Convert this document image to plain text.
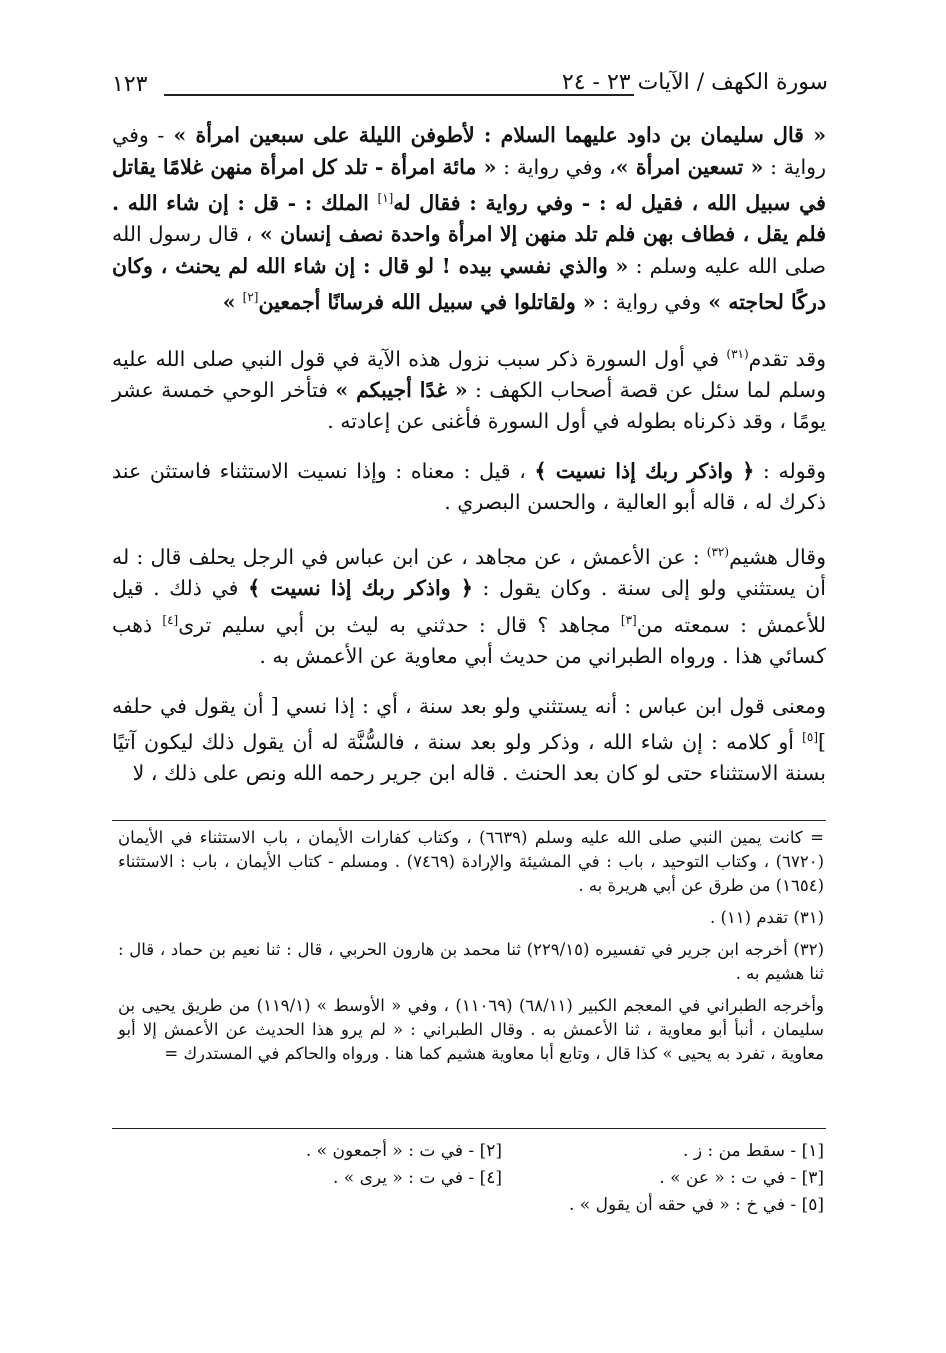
سورة الكهف / الآيات ٢٣ - ٢٤
١٢٣

« قال سليمان بن داود عليهما السلام : لأطوفن الليلة على سبعين امرأة » - وفي رواية : « تسعين امرأة »، وفي رواية : « مائة امرأة - تلد كل امرأة منهن غلامًا يقاتل في سبيل الله ، فقيل له : - وفي رواية : فقال له[١] الملك : - قل : إن شاء الله . فلم يقل ، فطاف بهن فلم تلد منهن إلا امرأة واحدة نصف إنسان » ، قال رسول الله صلى الله عليه وسلم : « والذي نفسي بيده ! لو قال : إن شاء الله لم يحنث ، وكان دركًا لحاجته » وفي رواية : « ولقاتلوا في سبيل الله فرسانًا أجمعين[٢] »

وقد تقدم$^{(٣١)}$ في أول السورة ذكر سبب نزول هذه الآية في قول النبي صلى الله عليه وسلم لما سئل عن قصة أصحاب الكهف : « غدًا أجيبكم » فتأخر الوحي خمسة عشر يومًا ، وقد ذكرناه بطوله في أول السورة فأغنى عن إعادته .

وقوله : ﴿ واذكر ربك إذا نسيت ﴾ ، قيل : معناه : وإذا نسيت الاستثناء فاستثن عند ذكرك له ، قاله أبو العالية ، والحسن البصري .

وقال هشيم$^{(٣٢)}$ : عن الأعمش ، عن مجاهد ، عن ابن عباس في الرجل يحلف قال : له أن يستثني ولو إلى سنة . وكان يقول : ﴿ واذكر ربك إذا نسيت ﴾ في ذلك . قيل للأعمش : سمعته من[٣] مجاهد ؟ قال : حدثني به ليث بن أبي سليم ترى[٤] ذهب كسائي هذا . ورواه الطبراني من حديث أبي معاوية عن الأعمش به .

ومعنى قول ابن عباس : أنه يستثني ولو بعد سنة ، أي : إذا نسي [ أن يقول في حلفه ][٥] أو كلامه : إن شاء الله ، وذكر ولو بعد سنة ، فالسُّنَّة له أن يقول ذلك ليكون آتيًا بسنة الاستثناء حتى لو كان بعد الحنث . قاله ابن جرير رحمه الله ونص على ذلك ، لا

= كانت يمين النبي صلى الله عليه وسلم (٦٦٣٩) ، وكتاب كفارات الأيمان ، باب الاستثناء في الأيمان (٦٧٢٠) ، وكتاب التوحيد ، باب : في المشيئة والإرادة (٧٤٦٩) . ومسلم - كتاب الأيمان ، باب : الاستثناء (١٦٥٤) من طرق عن أبي هريرة به .

(٣١) تقدم (١١) .

(٣٢) أخرجه ابن جرير في تفسيره (٢٢٩/١٥) ثنا محمد بن هارون الحربي ، قال : ثنا نعيم بن حماد ، قال : ثنا هشيم به .

وأخرجه الطبراني في المعجم الكبير (٦٨/١١) (١١٠٦٩) ، وفي « الأوسط » (١١٩/١) من طريق يحيى بن سليمان ، أنبأ أبو معاوية ، ثنا الأعمش به . وقال الطبراني : « لم يرو هذا الحديث عن الأعمش إلا أبو معاوية ، تفرد به يحيى » كذا قال ، وتابع أبا معاوية هشيم كما هنا . ورواه والحاكم في المستدرك =

[١] - سقط من : ز .
[٢] - في ت : « أجمعون » .
[٣] - في ت : « عن » .
[٤] - في ت : « يرى » .
[٥] - في خ : « في حقه أن يقول » .
